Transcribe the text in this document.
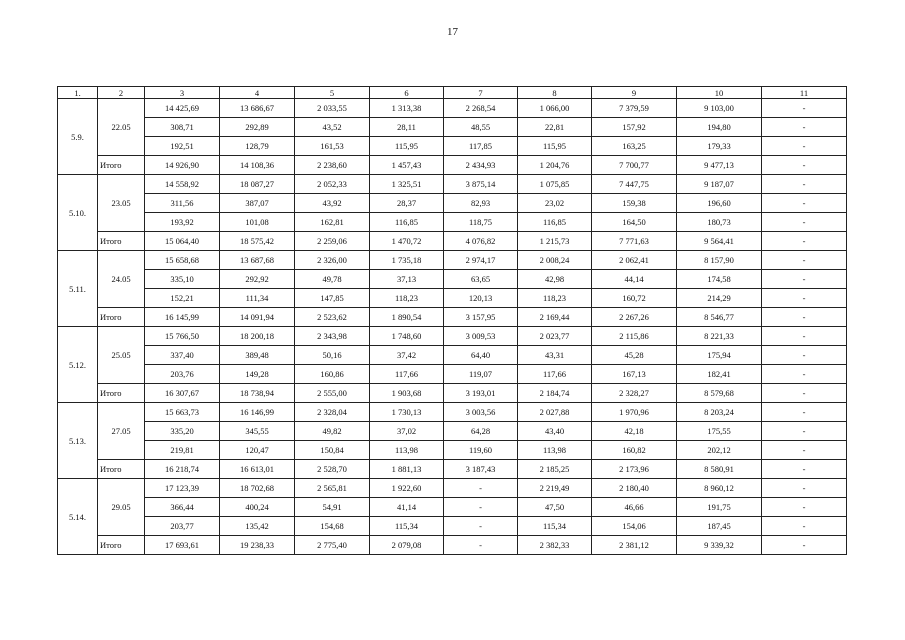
17
1.	2	3	4	5	6	7	8	9	10	11
5.9.	22.05	14 425,69	13 686,67	2 033,55	1 313,38	2 268,54	1 066,00	7 379,59	9 103,00	-
		308,71	292,89	43,52	28,11	48,55	22,81	157,92	194,80	-
		192,51	128,79	161,53	115,95	117,85	115,95	163,25	179,33	-
	Итого	14 926,90	14 108,36	2 238,60	1 457,43	2 434,93	1 204,76	7 700,77	9 477,13	-
5.10.	23.05	14 558,92	18 087,27	2 052,33	1 325,51	3 875,14	1 075,85	7 447,75	9 187,07	-
		311,56	387,07	43,92	28,37	82,93	23,02	159,38	196,60	-
		193,92	101,08	162,81	116,85	118,75	116,85	164,50	180,73	-
	Итого	15 064,40	18 575,42	2 259,06	1 470,72	4 076,82	1 215,73	7 771,63	9 564,41	-
5.11.	24.05	15 658,68	13 687,68	2 326,00	1 735,18	2 974,17	2 008,24	2 062,41	8 157,90	-
		335,10	292,92	49,78	37,13	63,65	42,98	44,14	174,58	-
		152,21	111,34	147,85	118,23	120,13	118,23	160,72	214,29	-
	Итого	16 145,99	14 091,94	2 523,62	1 890,54	3 157,95	2 169,44	2 267,26	8 546,77	-
5.12.	25.05	15 766,50	18 200,18	2 343,98	1 748,60	3 009,53	2 023,77	2 115,86	8 221,33	-
		337,40	389,48	50,16	37,42	64,40	43,31	45,28	175,94	-
		203,76	149,28	160,86	117,66	119,07	117,66	167,13	182,41	-
	Итого	16 307,67	18 738,94	2 555,00	1 903,68	3 193,01	2 184,74	2 328,27	8 579,68	-
5.13.	27.05	15 663,73	16 146,99	2 328,04	1 730,13	3 003,56	2 027,88	1 970,96	8 203,24	-
		335,20	345,55	49,82	37,02	64,28	43,40	42,18	175,55	-
		219,81	120,47	150,84	113,98	119,60	113,98	160,82	202,12	-
	Итого	16 218,74	16 613,01	2 528,70	1 881,13	3 187,43	2 185,25	2 173,96	8 580,91	-
5.14.	29.05	17 123,39	18 702,68	2 565,81	1 922,60	-	2 219,49	2 180,40	8 960,12	-
		366,44	400,24	54,91	41,14	-	47,50	46,66	191,75	-
		203,77	135,42	154,68	115,34	-	115,34	154,06	187,45	-
	Итого	17 693,61	19 238,33	2 775,40	2 079,08	-	2 382,33	2 381,12	9 339,32	-
